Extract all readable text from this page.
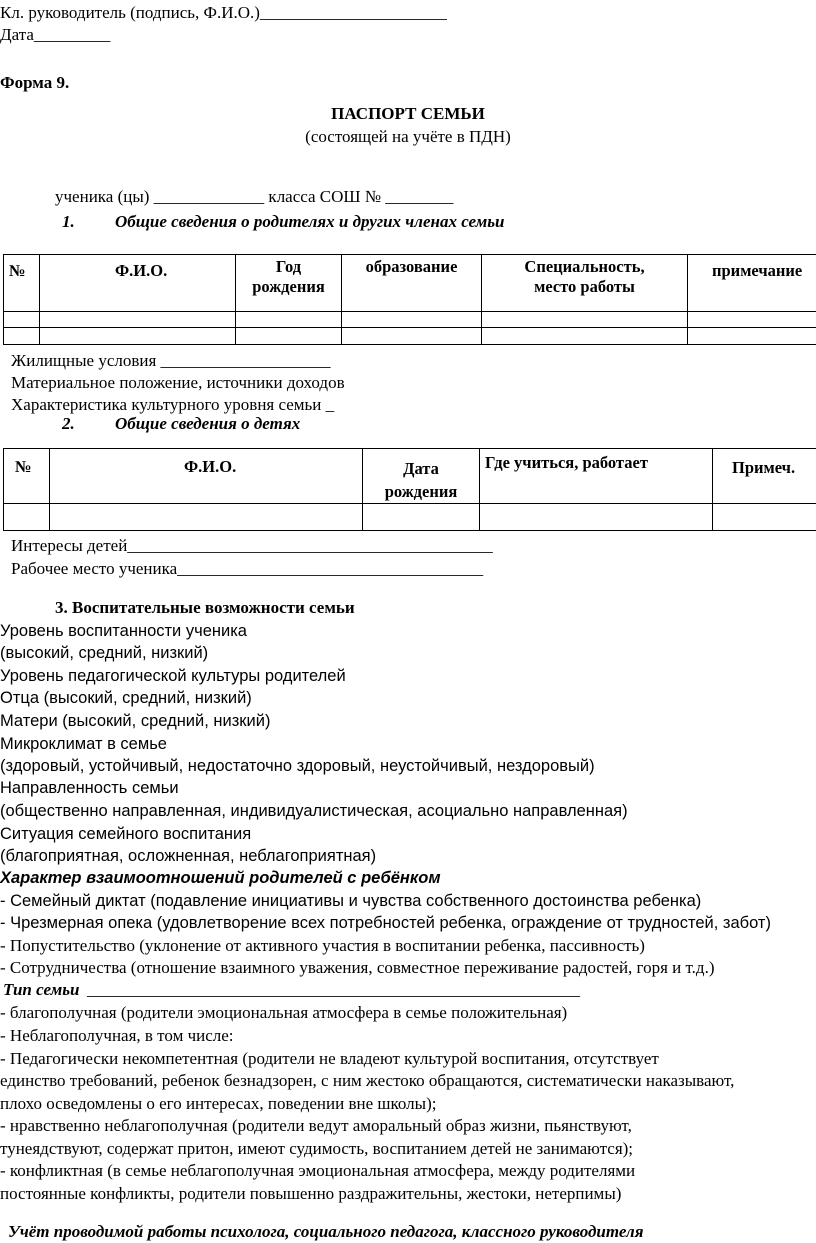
Кл. руководитель (подпись, Ф.И.О.)______________________
Дата_________
Форма 9.
ПАСПОРТ СЕМЬИ
(состоящей на учёте в ПДН)
ученика (цы) _____________ класса СОШ № ________
1. Общие сведения о родителях и других членах семьи
№	Ф.И.О.	Год рождения	образование	Специальность, место работы	примечание

Жилищные условия ____________________
Материальное положение, источники доходов
Характеристика культурного уровня семьи _
2. Общие сведения о детях
№	Ф.И.О.	Дата рождения	Где учиться, работает	Примеч.

Интересы детей___________________________________________
Рабочее место ученика____________________________________
3. Воспитательные возможности семьи
Уровень воспитанности ученика
(высокий, средний, низкий)
Уровень педагогической культуры родителей
Отца (высокий, средний, низкий)
Матери (высокий, средний, низкий)
Микроклимат в семье
(здоровый, устойчивый, недостаточно здоровый, неустойчивый, нездоровый)
Направленность семьи
(общественно направленная, индивидуалистическая, асоциально направленная)
Ситуация семейного воспитания
(благоприятная, осложненная, неблагоприятная)
Характер взаимоотношений родителей с ребёнком
- Семейный диктат (подавление инициативы и чувства собственного достоинства ребенка)
- Чрезмерная опека (удовлетворение всех потребностей ребенка, ограждение от трудностей, забот)
- Попустительство (уклонение от активного участия в воспитании ребенка, пассивность)
- Сотрудничества (отношение взаимного уважения, совместное переживание радостей, горя и т.д.)
Тип семьи __________________________________________________________
- благополучная (родители эмоциональная атмосфера в семье положительная)
- Неблагополучная, в том числе:
- Педагогически некомпетентная (родители не владеют культурой воспитания, отсутствует
единство требований, ребенок безнадзорен, с ним жестоко обращаются, систематически наказывают,
плохо осведомлены о его интересах, поведении вне школы);
- нравственно неблагополучная (родители ведут аморальный образ жизни, пьянствуют,
тунеядствуют, содержат притон, имеют судимость, воспитанием детей не занимаются);
- конфликтная (в семье неблагополучная эмоциональная атмосфера, между родителями
постоянные конфликты, родители повышенно раздражительны, жестоки, нетерпимы)
Учёт проводимой работы психолога, социального педагога, классного руководителя
